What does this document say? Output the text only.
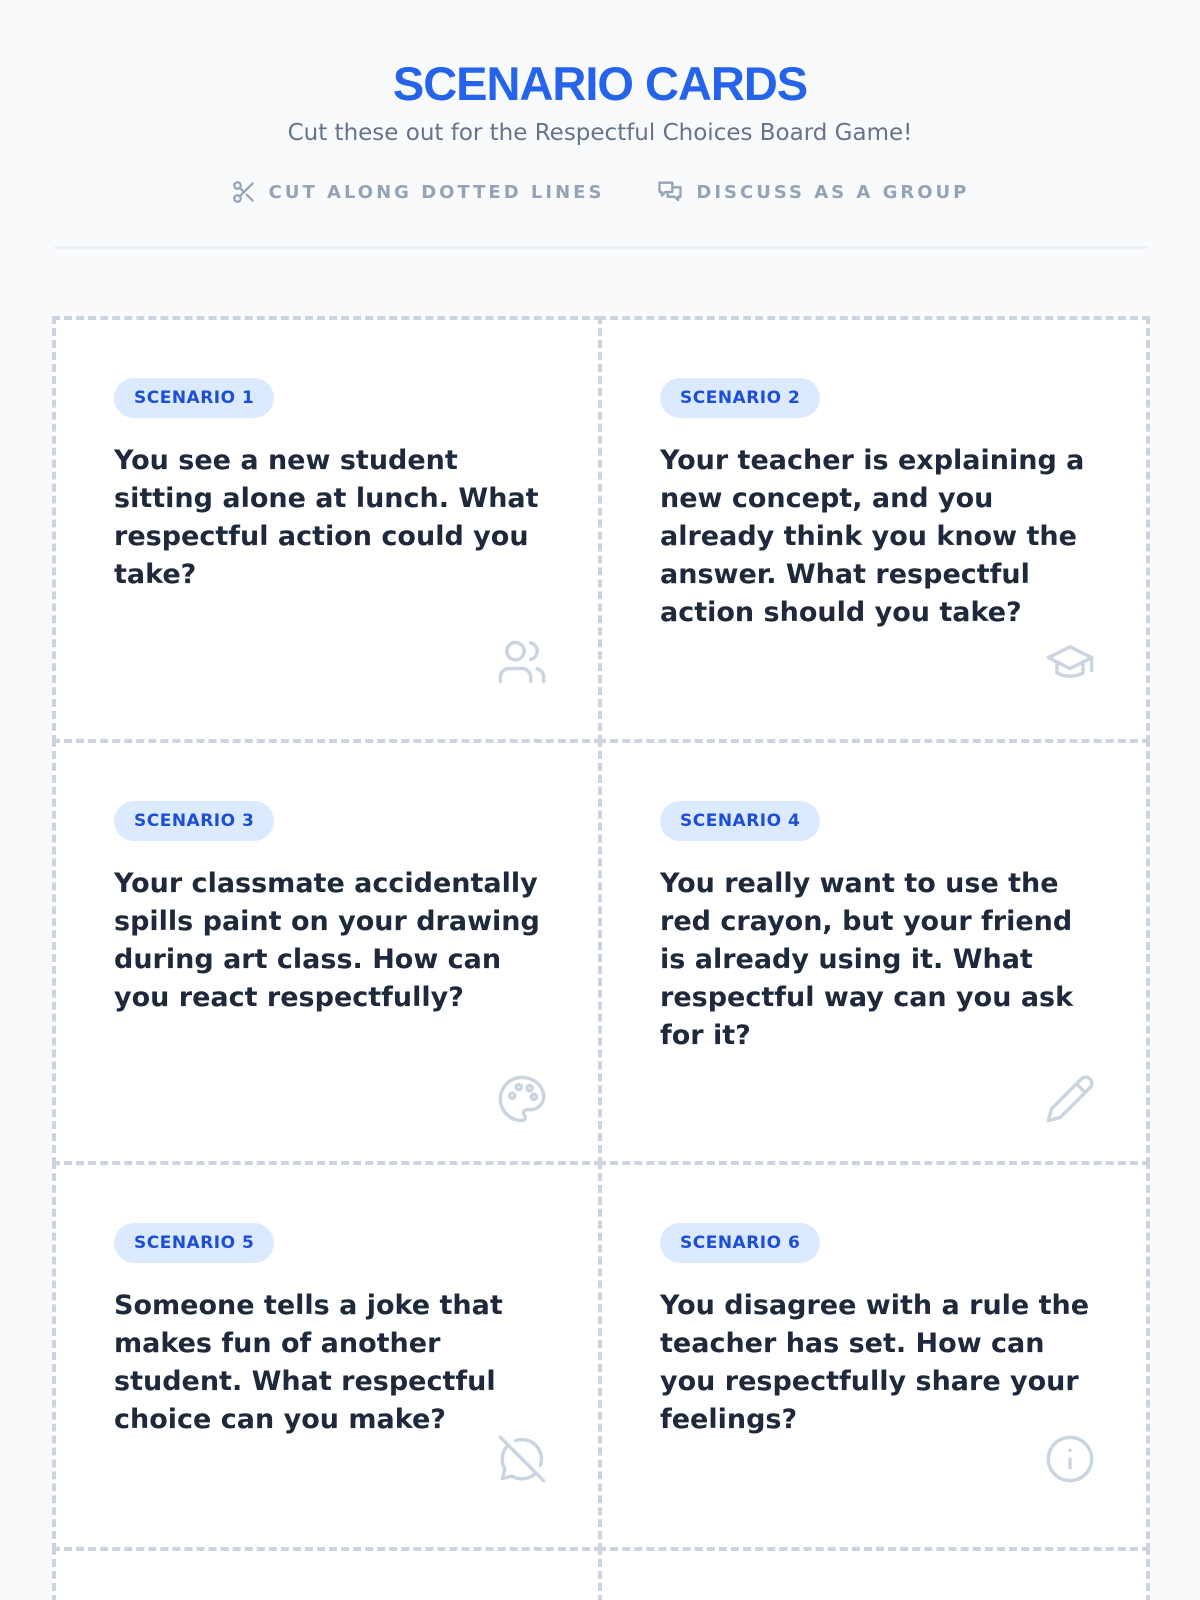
SCENARIO CARDS
Cut these out for the Respectful Choices Board Game!
CUT ALONG DOTTED LINES	DISCUSS AS A GROUP
SCENARIO 1
You see a new student sitting alone at lunch. What respectful action could you take?
SCENARIO 2
Your teacher is explaining a new concept, and you already think you know the answer. What respectful action should you take?
SCENARIO 3
Your classmate accidentally spills paint on your drawing during art class. How can you react respectfully?
SCENARIO 4
You really want to use the red crayon, but your friend is already using it. What respectful way can you ask for it?
SCENARIO 5
Someone tells a joke that makes fun of another student. What respectful choice can you make?
SCENARIO 6
You disagree with a rule the teacher has set. How can you respectfully share your feelings?
